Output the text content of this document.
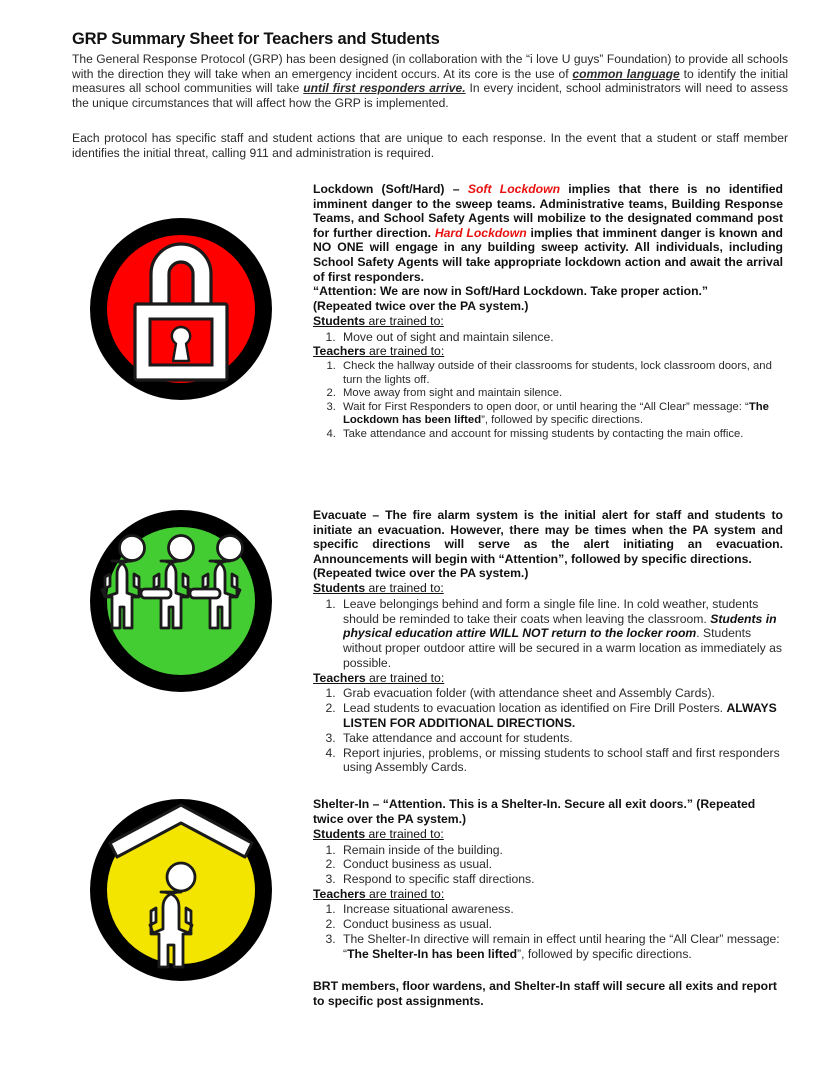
GRP Summary Sheet for Teachers and Students

The General Response Protocol (GRP) has been designed (in collaboration with the “i love U guys” Foundation) to provide all schools with the direction they will take when an emergency incident occurs. At its core is the use of common language to identify the initial measures all school communities will take until first responders arrive. In every incident, school administrators will need to assess the unique circumstances that will affect how the GRP is implemented.

Each protocol has specific staff and student actions that are unique to each response. In the event that a student or staff member identifies the initial threat, calling 911 and administration is required.

Lockdown (Soft/Hard) – Soft Lockdown implies that there is no identified imminent danger to the sweep teams. Administrative teams, Building Response Teams, and School Safety Agents will mobilize to the designated command post for further direction. Hard Lockdown implies that imminent danger is known and NO ONE will engage in any building sweep activity. All individuals, including School Safety Agents will take appropriate lockdown action and await the arrival of first responders.

“Attention: We are now in Soft/Hard Lockdown. Take proper action.”

(Repeated twice over the PA system.)

Students are trained to:

1. Move out of sight and maintain silence.

Teachers are trained to:

1. Check the hallway outside of their classrooms for students, lock classroom doors, and turn the lights off.
2. Move away from sight and maintain silence.
3. Wait for First Responders to open door, or until hearing the “All Clear” message: “The Lockdown has been lifted”, followed by specific directions.
4. Take attendance and account for missing students by contacting the main office.

Evacuate – The fire alarm system is the initial alert for staff and students to initiate an evacuation. However, there may be times when the PA system and specific directions will serve as the alert initiating an evacuation. Announcements will begin with “Attention”, followed by specific directions.

(Repeated twice over the PA system.)

Students are trained to:

1. Leave belongings behind and form a single file line. In cold weather, students should be reminded to take their coats when leaving the classroom. Students in physical education attire WILL NOT return to the locker room. Students without proper outdoor attire will be secured in a warm location as immediately as possible.

Teachers are trained to:

1. Grab evacuation folder (with attendance sheet and Assembly Cards).
2. Lead students to evacuation location as identified on Fire Drill Posters. ALWAYS LISTEN FOR ADDITIONAL DIRECTIONS.
3. Take attendance and account for students.
4. Report injuries, problems, or missing students to school staff and first responders using Assembly Cards.

Shelter-In – “Attention. This is a Shelter-In. Secure all exit doors.” (Repeated twice over the PA system.)

Students are trained to:

1. Remain inside of the building.
2. Conduct business as usual.
3. Respond to specific staff directions.

Teachers are trained to:

1. Increase situational awareness.
2. Conduct business as usual.
3. The Shelter-In directive will remain in effect until hearing the “All Clear” message: “The Shelter-In has been lifted”, followed by specific directions.

BRT members, floor wardens, and Shelter-In staff will secure all exits and report to specific post assignments.
